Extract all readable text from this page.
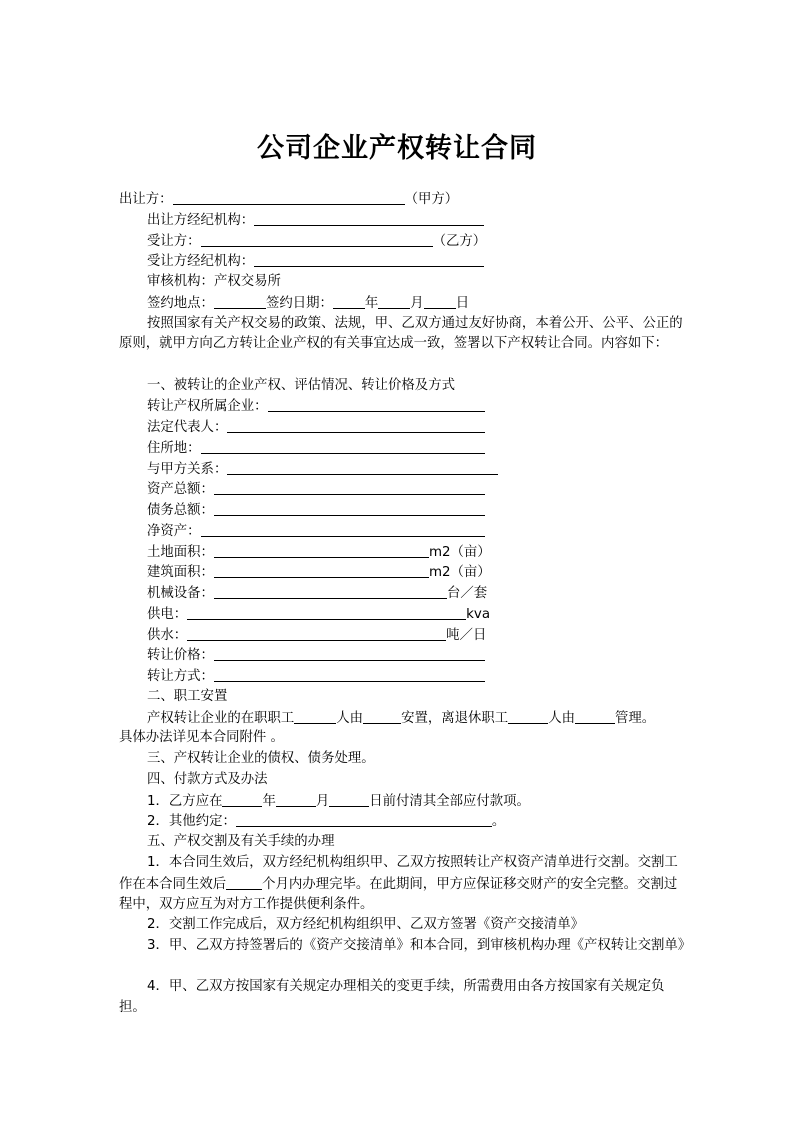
公司企业产权转让合同
出让方：	（甲方）
出让方经纪机构：
受让方：	（乙方）
受让方经纪机构：
审核机构：产权交易所
签约地点：	签约日期： 年 月 日
按照国家有关产权交易的政策、法规，甲、乙双方通过友好协商，本着公开、公平、公正的原则，就甲方向乙方转让企业产权的有关事宜达成一致，签署以下产权转让合同。内容如下：
一、被转让的企业产权、评估情况、转让价格及方式
转让产权所属企业：
法定代表人：
住所地：
与甲方关系：
资产总额：
债务总额：
净资产：
土地面积：	m2（亩）
建筑面积：	m2（亩）
机械设备：	台／套
供电：	kva
供水：	吨／日
转让价格：
转让方式：
二、职工安置
产权转让企业的在职职工	人由	安置，离退休职工	人由	管理。
具体办法详见本合同附件 。
三、产权转让企业的债权、债务处理。
四、付款方式及办法
1．乙方应在	年	月	日前付清其全部应付款项。
2．其他约定：	。
五、产权交割及有关手续的办理
1．本合同生效后，双方经纪机构组织甲、乙双方按照转让产权资产清单进行交割。交割工作在本合同生效后	个月内办理完毕。在此期间，甲方应保证移交财产的安全完整。交割过程中，双方应互为对方工作提供便利条件。
2．交割工作完成后，双方经纪机构组织甲、乙双方签署《资产交接清单》
3．甲、乙双方持签署后的《资产交接清单》和本合同，到审核机构办理《产权转让交割单》
4．甲、乙双方按国家有关规定办理相关的变更手续，所需费用由各方按国家有关规定负担。
